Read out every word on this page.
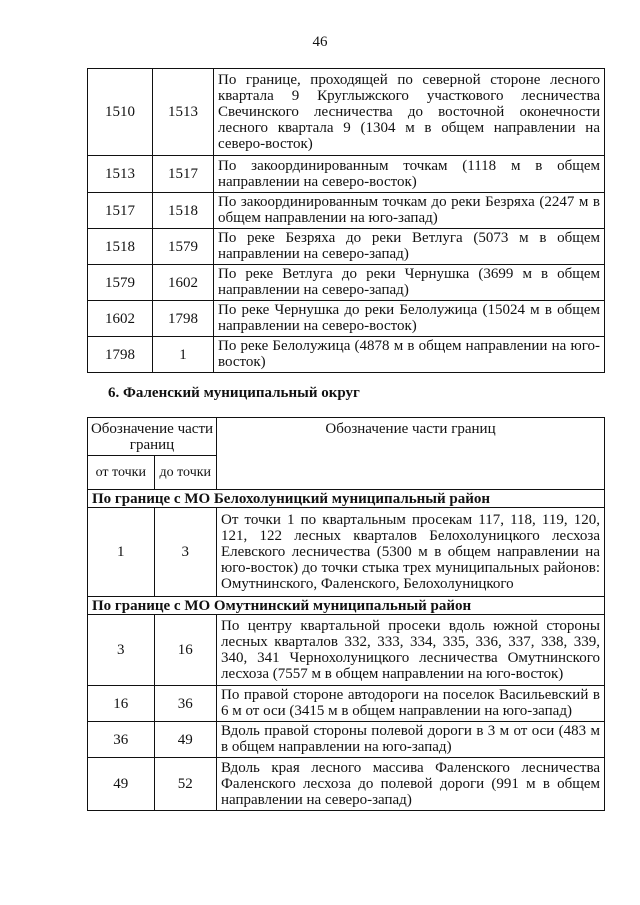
46
1510	1513	По границе, проходящей по северной стороне лесного квартала 9 Круглыжского участкового лесничества Свечинского лесничества до восточной оконечности лесного квартала 9 (1304 м в общем направлении на северо-восток)
1513	1517	По закоординированным точкам (1118 м в общем направлении на северо-восток)
1517	1518	По закоординированным точкам до реки Безряха (2247 м в общем направлении на юго-запад)
1518	1579	По реке Безряха до реки Ветлуга (5073 м в общем направлении на северо-запад)
1579	1602	По реке Ветлуга до реки Чернушка (3699 м в общем направлении на северо-запад)
1602	1798	По реке Чернушка до реки Белолужица (15024 м в общем направлении на северо-восток)
1798	1	По реке Белолужица (4878 м в общем направлении на юго-восток)
6. Фаленский муниципальный округ
Обозначение части границ		Обозначение части границ
от точки	до точки	
По границе с МО Белохолуницкий муниципальный район		
1	3	От точки 1 по квартальным просекам 117, 118, 119, 120, 121, 122 лесных кварталов Белохолуницкого лесхоза Елевского лесничества (5300 м в общем направлении на юго-восток) до точки стыка трех муниципальных районов: Омутнинского, Фаленского, Белохолуницкого
По границе с МО Омутнинский муниципальный район		
3	16	По центру квартальной просеки вдоль южной стороны лесных кварталов 332, 333, 334, 335, 336, 337, 338, 339, 340, 341 Чернохолуницкого лесничества Омутнинского лесхоза (7557 м в общем направлении на юго-восток)
16	36	По правой стороне автодороги на поселок Васильевский в 6 м от оси (3415 м в общем направлении на юго-запад)
36	49	Вдоль правой стороны полевой дороги в 3 м от оси (483 м в общем направлении на юго-запад)
49	52	Вдоль края лесного массива Фаленского лесничества Фаленского лесхоза до полевой дороги (991 м в общем направлении на северо-запад)
